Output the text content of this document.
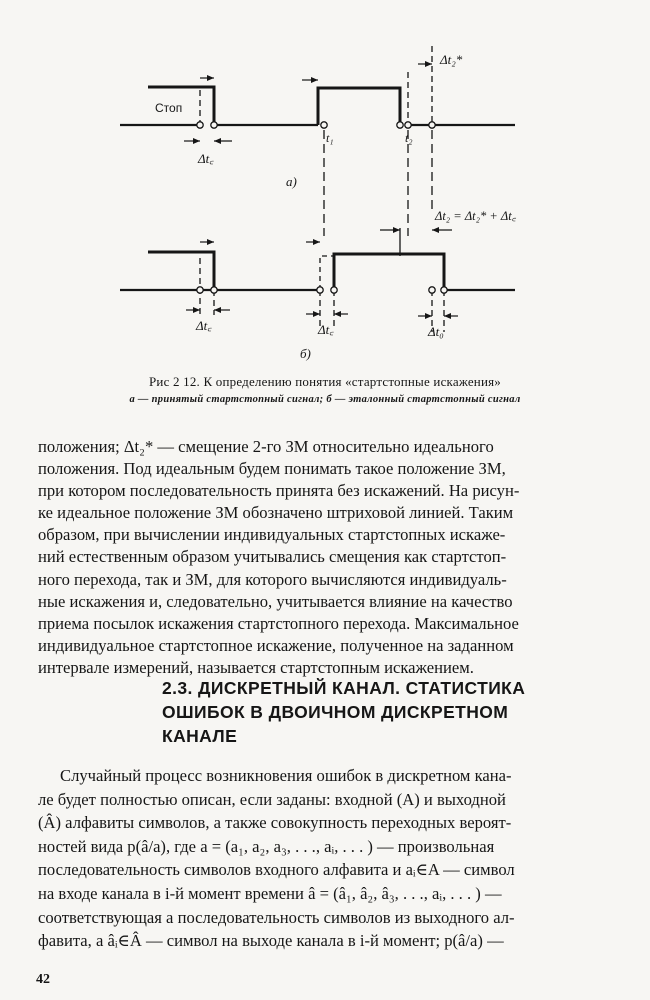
Стоп
Δt꜀
t₁	t₂
Δt₂*
а)
Δt₂ = Δt₂* + Δt꜀
Δt꜀	Δt꜀	Δt₀
б)
Рис 2 12. К определению понятия «стартстопные искажения»
а — принятый стартстопный сигнал; б — эталонный стартстопный сигнал

положения; Δt₂* — смещение 2-го ЗМ относительно идеального
положения. Под идеальным будем понимать такое положение ЗМ,
при котором последовательность принята без искажений. На рисун-
ке идеальное положение ЗМ обозначено штриховой линией. Таким
образом, при вычислении индивидуальных стартстопных искаже-
ний естественным образом учитывались смещения как стартстоп-
ного перехода, так и ЗМ, для которого вычисляются индивидуаль-
ные искажения и, следовательно, учитывается влияние на качество
приема посылок искажения стартстопного перехода. Максимальное
индивидуальное стартстопное искажение, полученное на заданном
интервале измерений, называется стартстопным искажением.

2.3. ДИСКРЕТНЫЙ КАНАЛ. СТАТИСТИКА
ОШИБОК В ДВОИЧНОМ ДИСКРЕТНОМ
КАНАЛЕ

Случайный процесс возникновения ошибок в дискретном кана-
ле будет полностью описан, если заданы: входной (A) и выходной
(Â) алфавиты символов, а также совокупность переходных вероят-
ностей вида p(â/a), где a = (a₁, a₂, a₃, . . ., aᵢ, . . . ) — произвольная
последовательность символов входного алфавита и aᵢ∈A — символ
на входе канала в i-й момент времени â = (â₁, â₂, â₃, . . ., aᵢ, . . . ) —
соответствующая a последовательность символов из выходного ал-
фавита, а âᵢ∈Â — символ на выходе канала в i-й момент; p(â/a) —

42
